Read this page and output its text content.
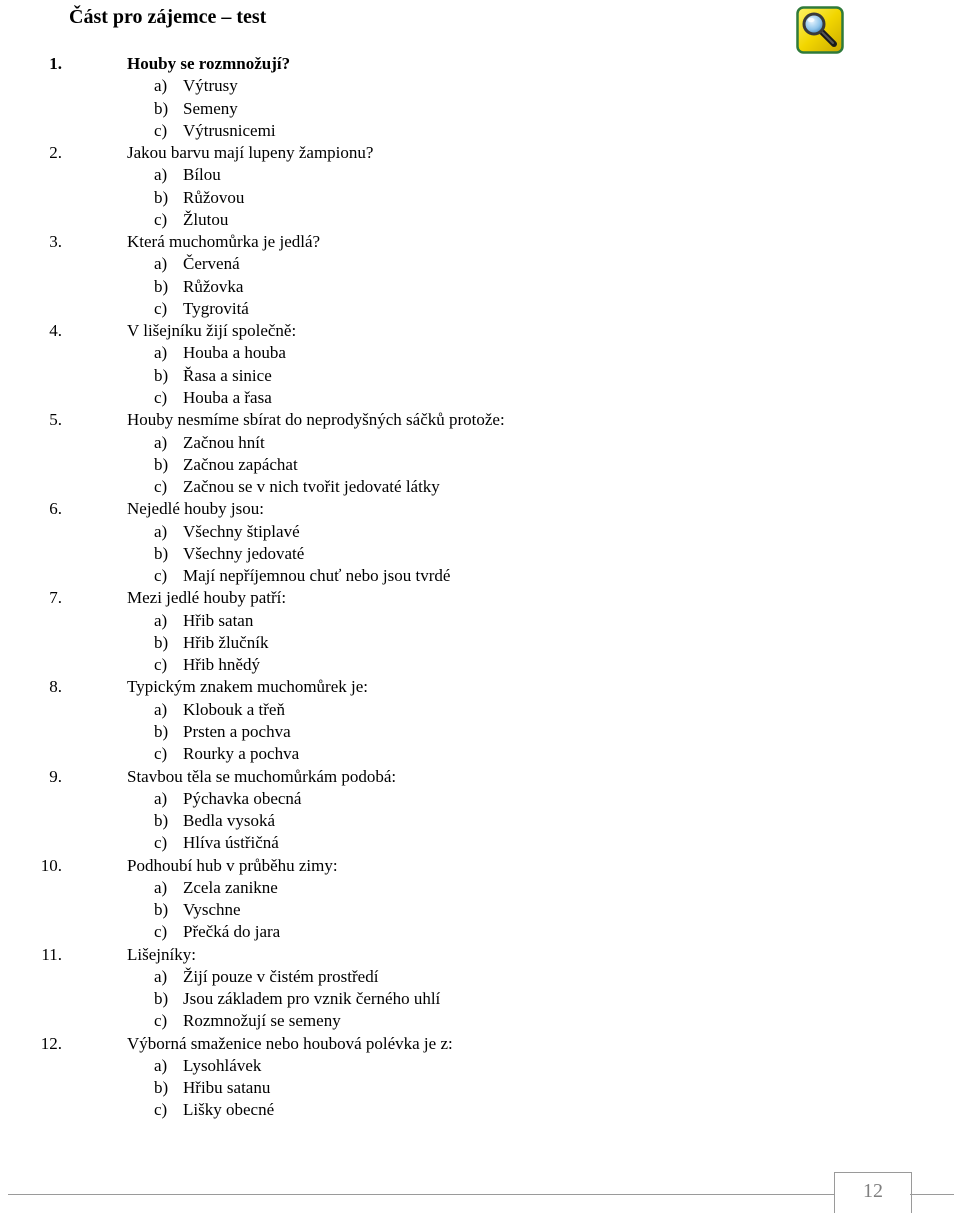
Část pro zájemce – test
1.	Houby se rozmnožují?
a) Výtrusy
b) Semeny
c) Výtrusnicemi
2.	Jakou barvu mají lupeny žampionu?
a) Bílou
b) Růžovou
c) Žlutou
3.	Která muchomůrka je jedlá?
a) Červená
b) Růžovka
c) Tygrovitá
4.	V lišejníku žijí společně:
a) Houba a houba
b) Řasa a sinice
c) Houba a řasa
5.	Houby nesmíme sbírat do neprodyšných sáčků protože:
a) Začnou hnít
b) Začnou zapáchat
c) Začnou se v nich tvořit jedovaté látky
6.	Nejedlé houby jsou:
a) Všechny štiplavé
b) Všechny jedovaté
c) Mají nepříjemnou chuť nebo jsou tvrdé
7.	Mezi jedlé houby patří:
a) Hřib satan
b) Hřib žlučník
c) Hřib hnědý
8.	Typickým znakem muchomůrek je:
a) Klobouk a třeň
b) Prsten a pochva
c) Rourky a pochva
9.	Stavbou těla se muchomůrkám podobá:
a) Pýchavka obecná
b) Bedla vysoká
c) Hlíva ústřičná
10.	Podhoubí hub v průběhu zimy:
a) Zcela zanikne
b) Vyschne
c) Přečká do jara
11.	Lišejníky:
a) Žijí pouze v čistém prostředí
b) Jsou základem pro vznik černého uhlí
c) Rozmnožují se semeny
12.	Výborná smaženice nebo houbová polévka je z:
a) Lysohlávek
b) Hřibu satanu
c) Lišky obecné
12
